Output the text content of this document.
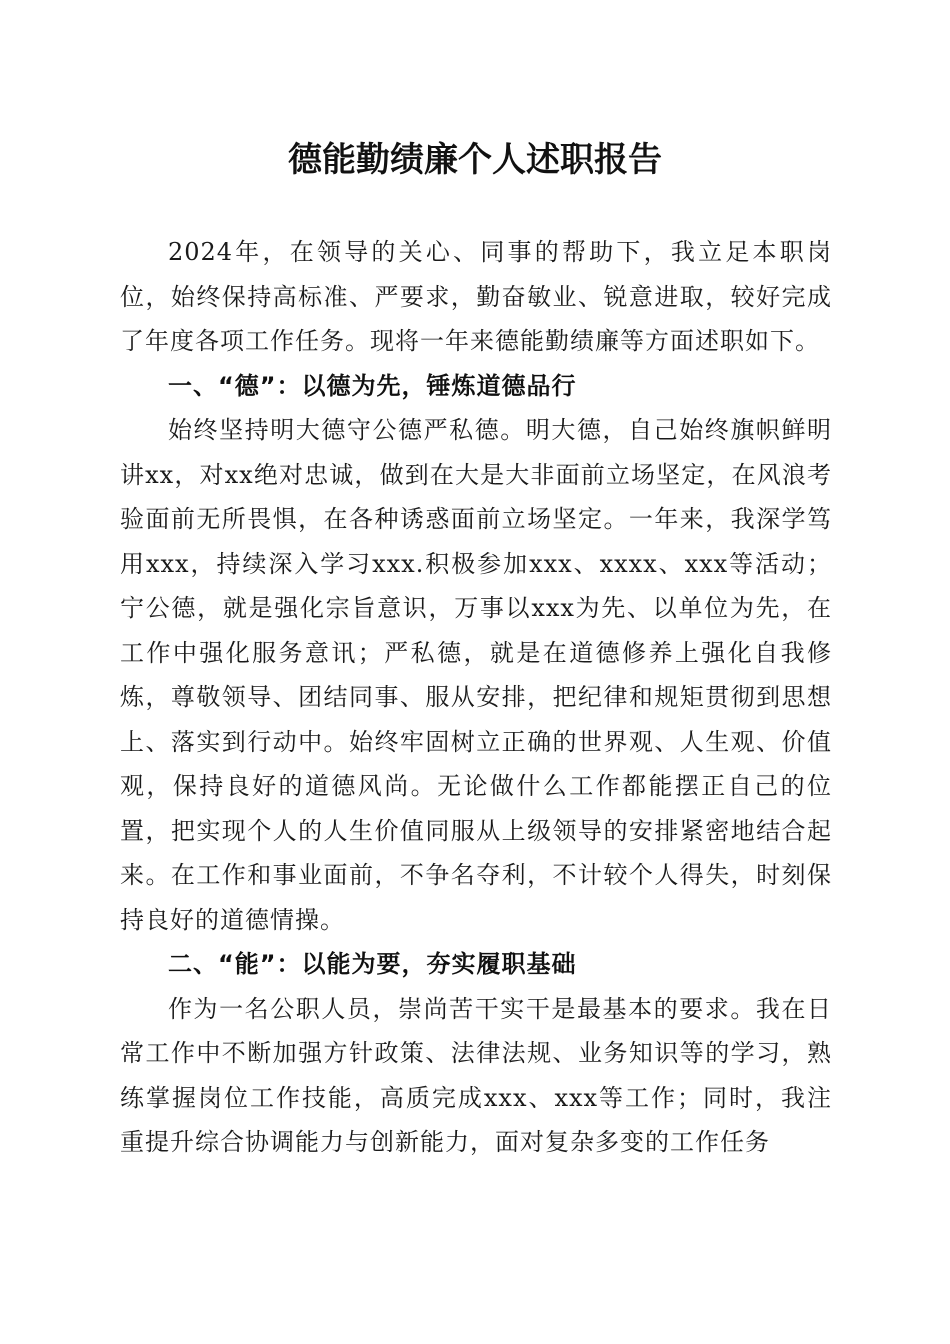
德能勤绩廉个人述职报告

2024年，在领导的关心、同事的帮助下，我立足本职岗位，始终保持高标准、严要求，勤奋敏业、锐意进取，较好完成了年度各项工作任务。现将一年来德能勤绩廉等方面述职如下。

一、“德”：以德为先，锤炼道德品行

始终坚持明大德守公德严私德。明大德，自己始终旗帜鲜明讲xx，对xx绝对忠诚，做到在大是大非面前立场坚定，在风浪考验面前无所畏惧，在各种诱惑面前立场坚定。一年来，我深学笃用xxx，持续深入学习xxx.积极参加xxx、xxxx、xxx等活动；宁公德，就是强化宗旨意识，万事以xxx为先、以单位为先，在工作中强化服务意讯；严私德，就是在道德修养上强化自我修炼，尊敬领导、团结同事、服从安排，把纪律和规矩贯彻到思想上、落实到行动中。始终牢固树立正确的世界观、人生观、价值观，保持良好的道德风尚。无论做什么工作都能摆正自己的位置，把实现个人的人生价值同服从上级领导的安排紧密地结合起来。在工作和事业面前，不争名夺利，不计较个人得失，时刻保持良好的道德情操。

二、“能”：以能为要，夯实履职基础

作为一名公职人员，崇尚苦干实干是最基本的要求。我在日常工作中不断加强方针政策、法律法规、业务知识等的学习，熟练掌握岗位工作技能，高质完成xxx、xxx等工作；同时，我注重提升综合协调能力与创新能力，面对复杂多变的工作任务
